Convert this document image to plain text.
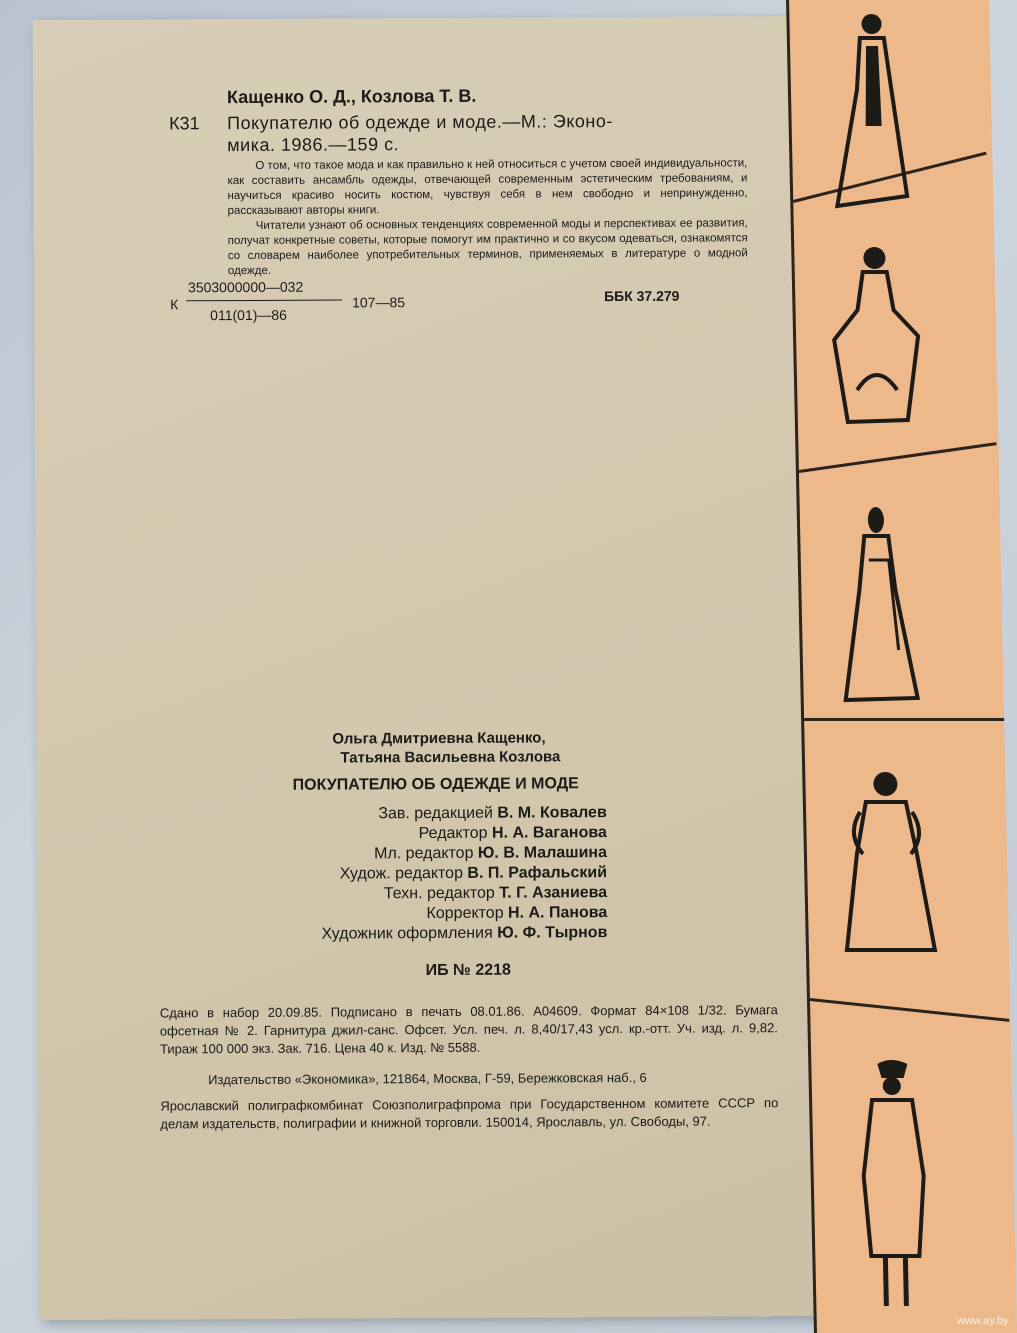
Кащенко О. Д., Козлова Т. В.
К31 Покупателю об одежде и моде.—М.: Эконо-
мика. 1986.—159 с.
О том, что такое мода и как правильно к ней относиться с учетом своей индивидуальности, как составить ансамбль одежды, отвечающей современным эстетическим требованиям, и научиться красиво носить костюм, чувствуя себя в нем свободно и непринужденно, рассказывают авторы книги.
Читатели узнают об основных тенденциях современной моды и перспективах ее развития, получат конкретные советы, которые помогут им практично и со вкусом одеваться, ознакомятся со словарем наиболее употребительных терминов, применяемых в литературе о модной одежде.
К
3503000000—032
011(01)—86
107—85	ББК 37.279
Ольга Дмитриевна Кащенко,
Татьяна Васильевна Козлова
ПОКУПАТЕЛЮ ОБ ОДЕЖДЕ И МОДЕ
Зав. редакцией В. М. Ковалев
Редактор Н. А. Ваганова
Мл. редактор Ю. В. Малашина
Худож. редактор В. П. Рафальский
Техн. редактор Т. Г. Азаниева
Корректор Н. А. Панова
Художник оформления Ю. Ф. Тырнов
ИБ № 2218
Сдано в набор 20.09.85. Подписано в печать 08.01.86. А04609. Формат 84×108 1/32. Бумага офсетная № 2. Гарнитура джил-санс. Офсет. Усл. печ. л. 8,40/17,43 усл. кр.-отт. Уч. изд. л. 9,82. Тираж 100 000 экз. Зак. 716. Цена 40 к. Изд. № 5588.
Издательство «Экономика», 121864, Москва, Г-59, Бережковская наб., 6
Ярославский полиграфкомбинат Союзполиграфпрома при Государственном комитете СССР по делам издательств, полиграфии и книжной торговли. 150014, Ярославль, ул. Свободы, 97.
www.ay.by
